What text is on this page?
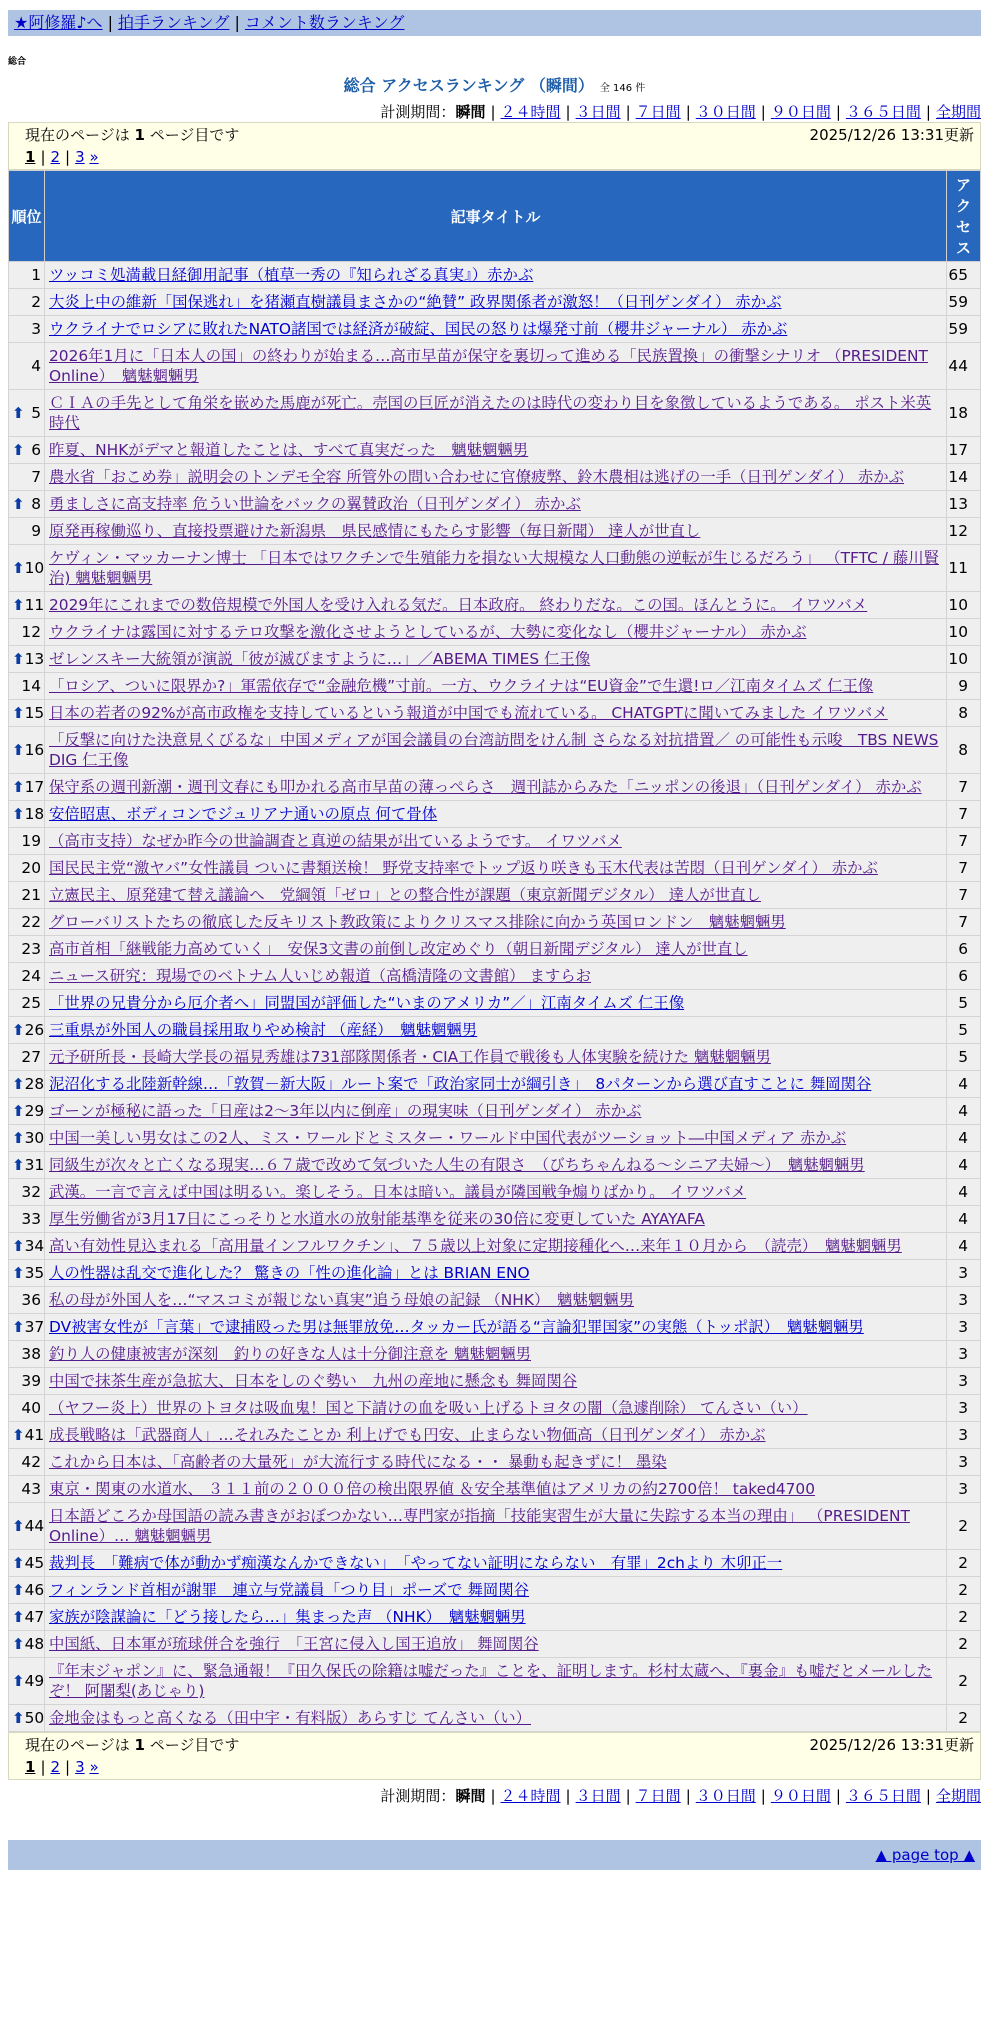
★阿修羅♪へ | 拍手ランキング | コメント数ランキング
総合
総合 アクセスランキング （瞬間） 全 146 件
計測期間：瞬間 | ２４時間 | ３日間 | ７日間 | ３０日間 | ９０日間 | ３６５日間 | 全期間
現在のページは 1 ページ目です	2025/12/26 13:31更新
1 | 2 | 3 »
順位	記事タイトル	アクセス
1	ツッコミ処満載日経御用記事（植草一秀の『知られざる真実』）赤かぶ	65
2	大炎上中の維新「国保逃れ」を猪瀬直樹議員まさかの“絶賛” 政界関係者が激怒！（日刊ゲンダイ） 赤かぶ	59
3	ウクライナでロシアに敗れたNATO諸国では経済が破綻、国民の怒りは爆発寸前（櫻井ジャーナル） 赤かぶ	59
4	2026年1月に「日本人の国」の終わりが始まる…高市早苗が保守を裏切って進める「民族置換」の衝撃シナリオ （PRESIDENT Online）　魑魅魍魎男	44

⬆ 5	ＣＩＡの手先として角栄を嵌めた馬鹿が死亡。売国の巨匠が消えたのは時代の変わり目を象徴しているようである。 ポスト米英時代	18

⬆ 6	昨夏、NHKがデマと報道したことは、すべて真実だった　魑魅魍魎男	17
7	農水省「おこめ券」説明会のトンデモ全容 所管外の問い合わせに官僚疲弊、鈴木農相は逃げの一手（日刊ゲンダイ） 赤かぶ	14

⬆ 8	勇ましさに高支持率 危うい世論をバックの翼賛政治（日刊ゲンダイ） 赤かぶ	13
9	原発再稼働巡り、直接投票避けた新潟県　県民感情にもたらす影響（毎日新聞） 達人が世直し	12

⬆ 10	ケヴィン・マッカーナン博士 「日本ではワクチンで生殖能力を損ない大規模な人口動態の逆転が生じるだろう」 （TFTC / 藤川賢治) 魑魅魍魎男	11

⬆ 11	2029年にこれまでの数倍規模で外国人を受け入れる気だ。日本政府。 終わりだな。この国。ほんとうに。 イワツバメ	10
12	ウクライナは露国に対するテロ攻撃を激化させようとしているが、大勢に変化なし（櫻井ジャーナル） 赤かぶ	10

⬆ 13	ゼレンスキー大統領が演説「彼が滅びますように…」／ABEMA TIMES 仁王像	10
14	「ロシア、ついに限界か?」軍需依存で“金融危機”寸前。一方、ウクライナは“EU資金”で生還!ロ／江南タイムズ 仁王像	9

⬆ 15	日本の若者の92%が高市政権を支持しているという報道が中国でも流れている。 CHATGPTに聞いてみました イワツバメ	8

⬆ 16	「反撃に向けた決意見くびるな」中国メディアが国会議員の台湾訪問をけん制 さらなる対抗措置／ の可能性も示唆　TBS NEWS DIG 仁王像	8

⬆ 17	保守系の週刊新潮・週刊文春にも叩かれる高市早苗の薄っぺらさ　週刊誌からみた「ニッポンの後退」（日刊ゲンダイ） 赤かぶ	7

⬆ 18	安倍昭恵、ボディコンでジュリアナ通いの原点 何て骨体	7
19	（高市支持）なぜか昨今の世論調査と真逆の結果が出ているようです。 イワツバメ	7
20	国民民主党“激ヤバ”女性議員 ついに書類送検！ 野党支持率でトップ返り咲きも玉木代表は苦悶（日刊ゲンダイ） 赤かぶ	7
21	立憲民主、原発建て替え議論へ　党綱領「ゼロ」との整合性が課題（東京新聞デジタル） 達人が世直し	7
22	グローバリストたちの徹底した反キリスト教政策によりクリスマス排除に向かう英国ロンドン　魑魅魍魎男	7
23	高市首相「継戦能力高めていく」　安保3文書の前倒し改定めぐり（朝日新聞デジタル） 達人が世直し	6
24	ニュース研究：現場でのベトナム人いじめ報道（高橋清隆の文書館） ますらお	6
25	「世界の兄貴分から厄介者へ」同盟国が評価した“いまのアメリカ”／」江南タイムズ 仁王像	5

⬆ 26	三重県が外国人の職員採用取りやめ検討 （産経）　魑魅魍魎男	5
27	元予研所長・長崎大学長の福見秀雄は731部隊関係者・CIA工作員で戦後も人体実験を続けた 魑魅魍魎男	5

⬆ 28	泥沼化する北陸新幹線…「敦賀－新大阪」ルート案で「政治家同士が綱引き」　8パターンから選び直すことに 舞岡関谷	4

⬆ 29	ゴーンが極秘に語った「日産は2～3年以内に倒産」の現実味（日刊ゲンダイ） 赤かぶ	4

⬆ 30	中国一美しい男女はこの2人、ミス・ワールドとミスター・ワールド中国代表がツーショット―中国メディア 赤かぶ	4

⬆ 31	同級生が次々と亡くなる現実…６７歳で改めて気づいた人生の有限さ　（びちちゃんねる～シニア夫婦～）　魑魅魍魎男	4
32	武漢。一言で言えば中国は明るい。楽しそう。日本は暗い。議員が隣国戦争煽りばかり。 イワツバメ	4
33	厚生労働省が3月17日にこっそりと水道水の放射能基準を従来の30倍に変更していた AYAYAFA	4

⬆ 34	高い有効性見込まれる「高用量インフルワクチン」、７５歳以上対象に定期接種化へ…来年１０月から　（読売）　魑魅魍魎男	4

⬆ 35	人の性器は乱交で進化した？ 驚きの「性の進化論」とは BRIAN ENO	3
36	私の母が外国人を…“マスコミが報じない真実”追う母娘の記録 （NHK）　魑魅魍魎男	3

⬆ 37	DV被害女性が「言葉」で逮捕殴った男は無罪放免…タッカー氏が語る“言論犯罪国家”の実態（トッポ訳）　魑魅魍魎男	3
38	釣り人の健康被害が深刻　釣りの好きな人は十分御注意を 魑魅魍魎男	3
39	中国で抹茶生産が急拡大、日本をしのぐ勢い　九州の産地に懸念も 舞岡関谷	3
40	（ヤフー炎上）世界のトヨタは吸血鬼！国と下請けの血を吸い上げるトヨタの闇（急遽削除） てんさい（い）	3

⬆ 41	成長戦略は「武器商人」…それみたことか 利上げでも円安、止まらない物価高（日刊ゲンダイ） 赤かぶ	3
42	これから日本は、「高齢者の大量死」が大流行する時代になる・・ 暴動も起きずに！ 墨染	3
43	東京・関東の水道水、 ３１１前の２０００倍の検出限界値 ＆安全基準値はアメリカの約2700倍！ taked4700	3

⬆ 44	日本語どころか母国語の読み書きがおぼつかない…専門家が指摘「技能実習生が大量に失踪する本当の理由」 （PRESIDENT Online）… 魑魅魍魎男	2

⬆ 45	裁判長　「難病で体が動かず痴漢なんかできない」　「やってない証明にならない　有罪」2chより 木卯正一	2

⬆ 46	フィンランド首相が謝罪　連立与党議員「つり目」ポーズで 舞岡関谷	2

⬆ 47	家族が陰謀論に「どう接したら…」集まった声 （NHK）　魑魅魍魎男	2

⬆ 48	中国紙、日本軍が琉球併合を強行　「王宮に侵入し国王追放」 舞岡関谷	2

⬆ 49	『年末ジャポン』に、緊急通報！『田久保氏の除籍は嘘だった』ことを、証明します。杉村太蔵へ、『裏金』も嘘だとメールしたぞ！ 阿闍梨(あじゃり)	2

⬆ 50	金地金はもっと高くなる（田中宇・有料版）あらすじ てんさい（い）	2
現在のページは 1 ページ目です	2025/12/26 13:31更新
1 | 2 | 3 »
計測期間：瞬間 | ２４時間 | ３日間 | ７日間 | ３０日間 | ９０日間 | ３６５日間 | 全期間
▲ page top ▲
